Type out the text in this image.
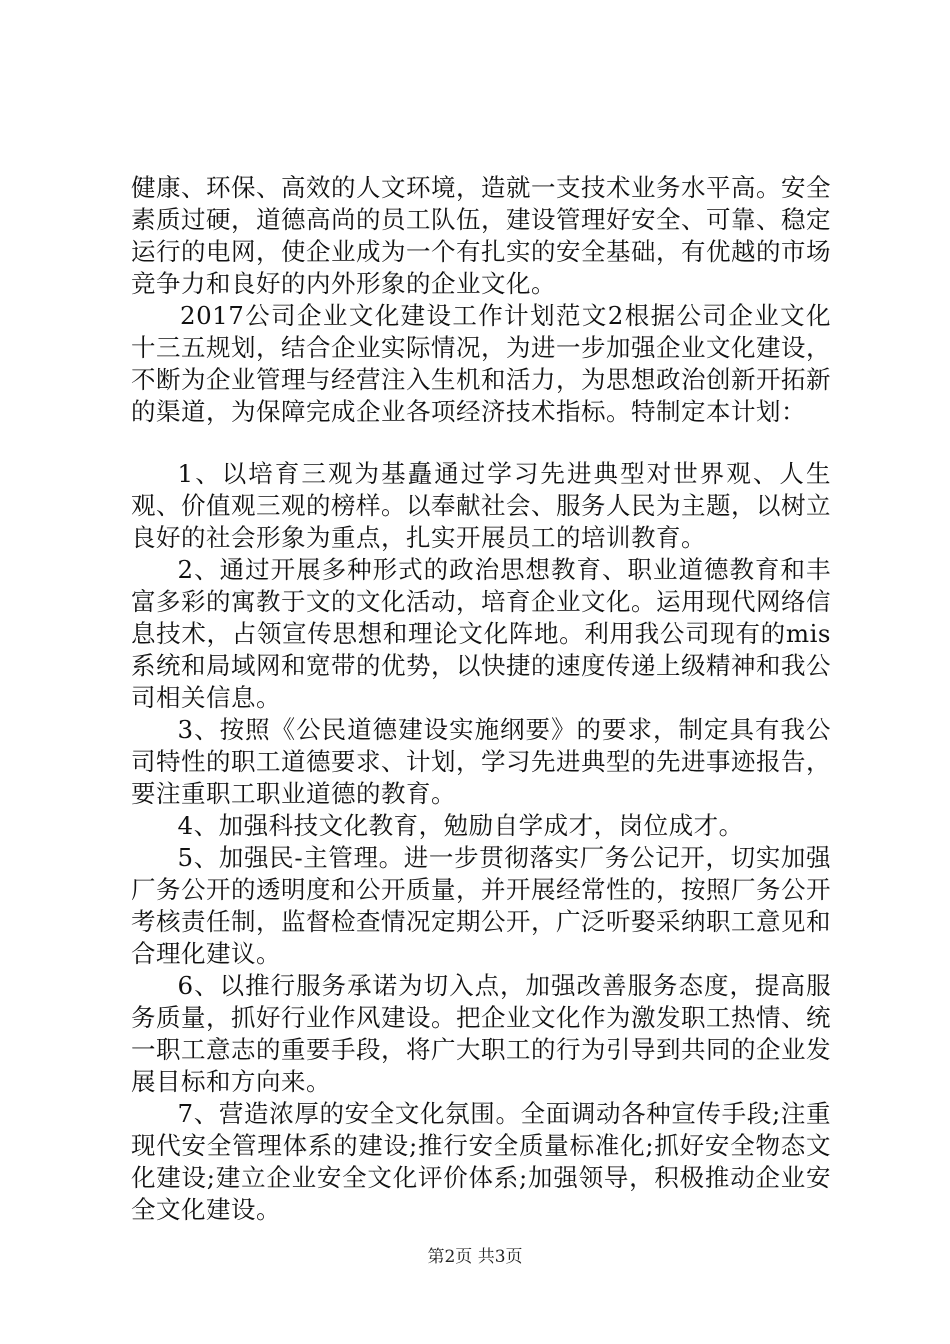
健康、环保、高效的人文环境，造就一支技术业务水平高。安全素质过硬，道德高尚的员工队伍，建设管理好安全、可靠、稳定运行的电网，使企业成为一个有扎实的安全基础，有优越的市场竞争力和良好的内外形象的企业文化。

2017公司企业文化建设工作计划范文2根据公司企业文化十三五规划，结合企业实际情况，为进一步加强企业文化建设，不断为企业管理与经营注入生机和活力，为思想政治创新开拓新的渠道，为保障完成企业各项经济技术指标。特制定本计划：

1、以培育三观为基矗通过学习先进典型对世界观、人生观、价值观三观的榜样。以奉献社会、服务人民为主题，以树立良好的社会形象为重点，扎实开展员工的培训教育。

2、通过开展多种形式的政治思想教育、职业道德教育和丰富多彩的寓教于文的文化活动，培育企业文化。运用现代网络信息技术，占领宣传思想和理论文化阵地。利用我公司现有的mis系统和局域网和宽带的优势，以快捷的速度传递上级精神和我公司相关信息。

3、按照《公民道德建设实施纲要》的要求，制定具有我公司特性的职工道德要求、计划，学习先进典型的先进事迹报告，要注重职工职业道德的教育。

4、加强科技文化教育，勉励自学成才，岗位成才。

5、加强民-主管理。进一步贯彻落实厂务公记开，切实加强厂务公开的透明度和公开质量，并开展经常性的，按照厂务公开考核责任制，监督检查情况定期公开，广泛听娶采纳职工意见和合理化建议。

6、以推行服务承诺为切入点，加强改善服务态度，提高服务质量，抓好行业作风建设。把企业文化作为激发职工热情、统一职工意志的重要手段，将广大职工的行为引导到共同的企业发展目标和方向来。

7、营造浓厚的安全文化氛围。全面调动各种宣传手段;注重现代安全管理体系的建设;推行安全质量标准化;抓好安全物态文化建设;建立企业安全文化评价体系;加强领导，积极推动企业安全文化建设。

第2页 共3页
